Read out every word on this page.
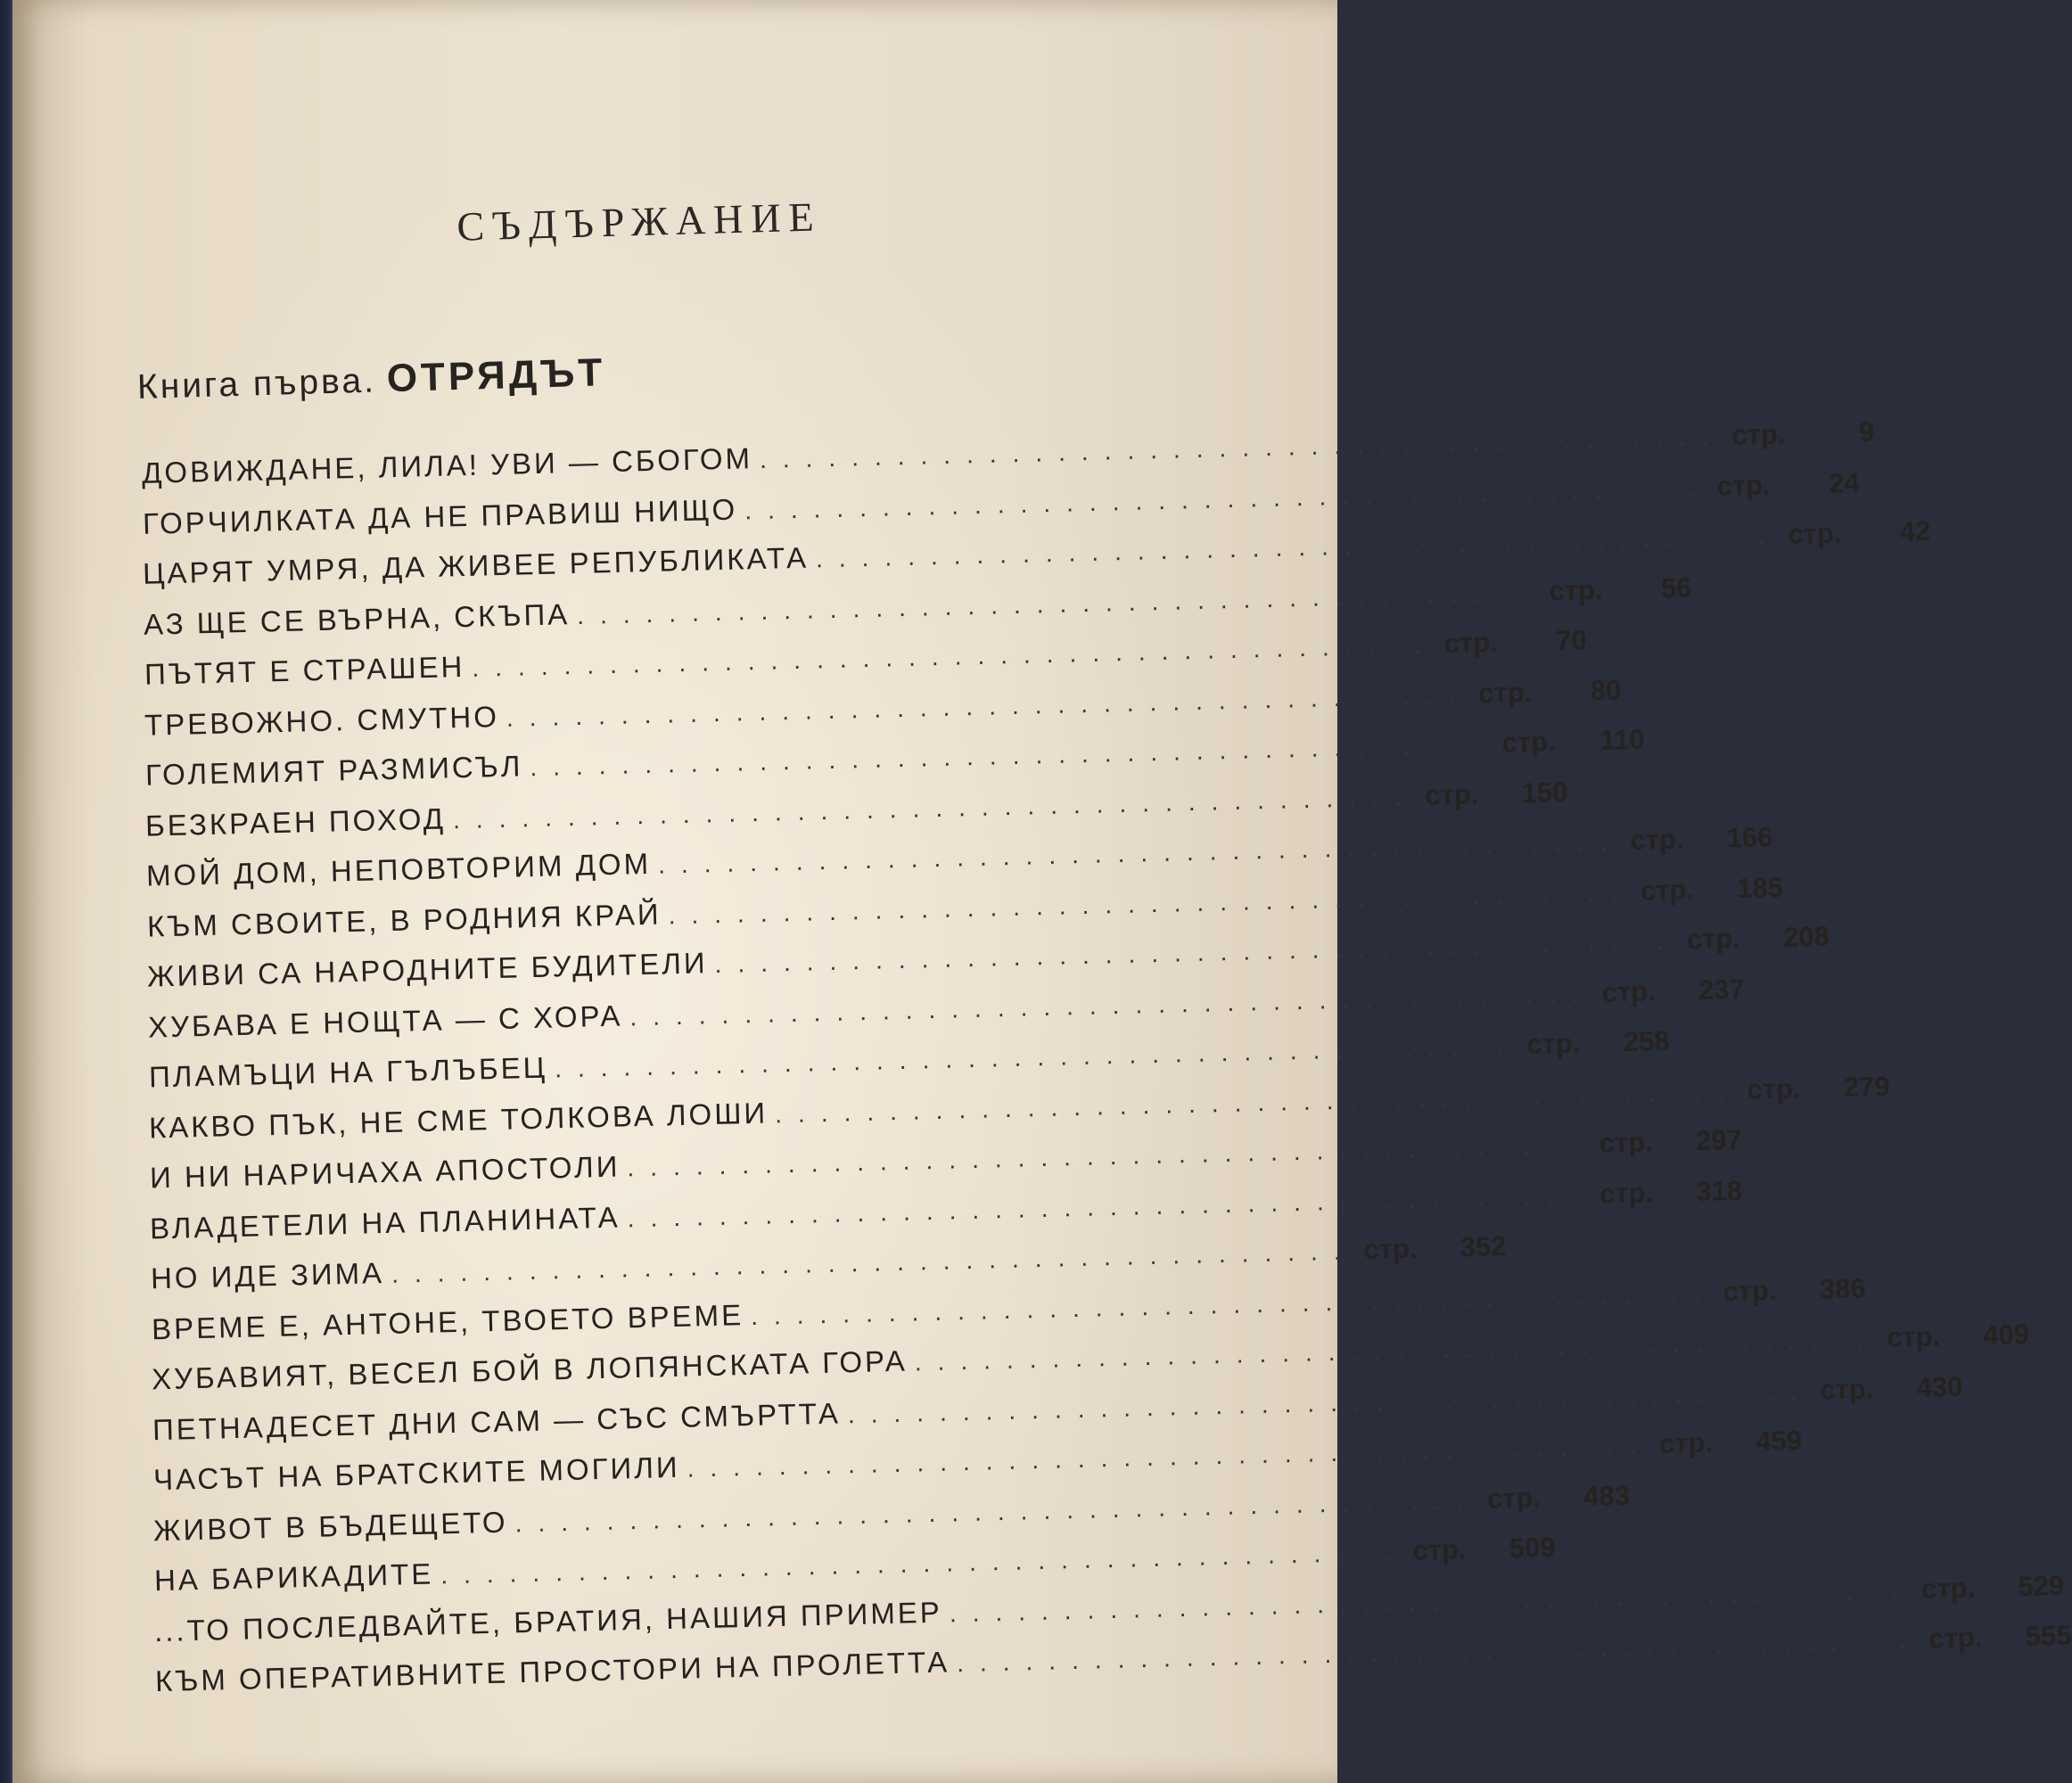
СЪДЪРЖАНИЕ
Книга първа. ОТРЯДЪТ
ДОВИЖДАНЕ, ЛИЛА! УВИ — СБОГОМ .......................................... стр.	9
ГОРЧИЛКАТА ДА НЕ ПРАВИШ НИЩО .......................................... стр.	24
ЦАРЯТ УМРЯ, ДА ЖИВЕЕ РЕПУБЛИКАТА .......................................... стр.	42
АЗ ЩЕ СЕ ВЪРНА, СКЪПА .......................................... стр.	56
ПЪТЯТ Е СТРАШЕН .......................................... стр.	70
ТРЕВОЖНО. СМУТНО .......................................... стр.	80
ГОЛЕМИЯТ РАЗМИСЪЛ .......................................... стр.	110
БЕЗКРАЕН ПОХОД .......................................... стр.	150
МОЙ ДОМ, НЕПОВТОРИМ ДОМ .......................................... стр.	166
КЪМ СВОИТЕ, В РОДНИЯ КРАЙ .......................................... стр.	185
ЖИВИ СА НАРОДНИТЕ БУДИТЕЛИ .......................................... стр.	208
ХУБАВА Е НОЩТА — С ХОРА .......................................... стр.	237
ПЛАМЪЦИ НА ГЪЛЪБЕЦ .......................................... стр.	258
КАКВО ПЪК, НЕ СМЕ ТОЛКОВА ЛОШИ .......................................... стр.	279
И НИ НАРИЧАХА АПОСТОЛИ .......................................... стр.	297
ВЛАДЕТЕЛИ НА ПЛАНИНАТА .......................................... стр.	318
НО ИДЕ ЗИМА .......................................... стр.	352
ВРЕМЕ Е, АНТОНЕ, ТВОЕТО ВРЕМЕ .......................................... стр.	386
ХУБАВИЯТ, ВЕСЕЛ БОЙ В ЛОПЯНСКАТА ГОРА .......................................... стр.	409
ПЕТНАДЕСЕТ ДНИ САМ — СЪС СМЪРТТА .......................................... стр.	430
ЧАСЪТ НА БРАТСКИТЕ МОГИЛИ .......................................... стр.	459
ЖИВОТ В БЪДЕЩЕТО .......................................... стр.	483
НА БАРИКАДИТЕ .......................................... стр.	509
...ТО ПОСЛЕДВАЙТЕ, БРАТИЯ, НАШИЯ ПРИМЕР .......................................... стр.	529
КЪМ ОПЕРАТИВНИТЕ ПРОСТОРИ НА ПРОЛЕТТА .......................................... стр.	555
